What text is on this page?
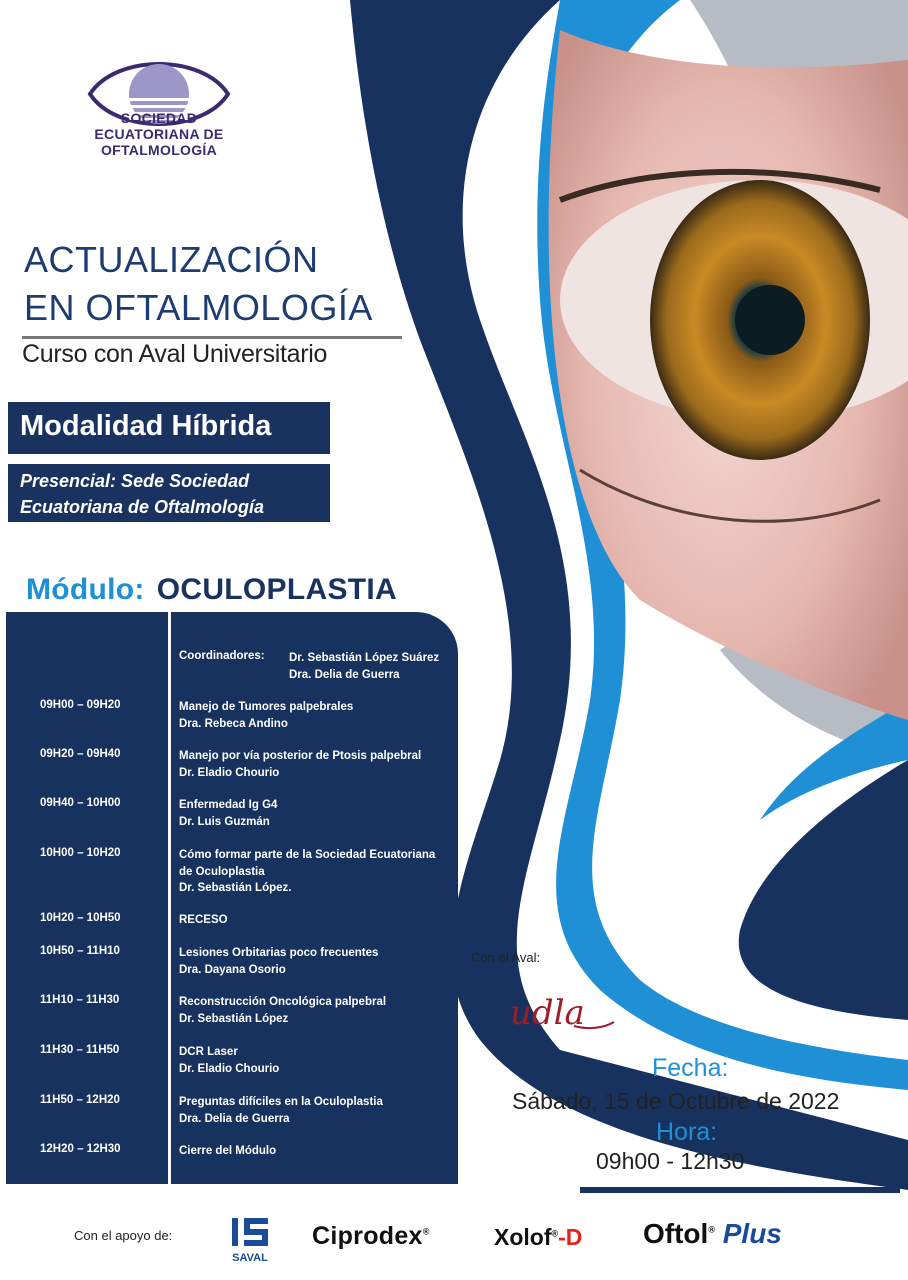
SOCIEDAD
ECUATORIANA DE
OFTALMOLOGÍA
ACTUALIZACIÓN
EN OFTALMOLOGÍA
Curso con Aval Universitario
Modalidad Híbrida
Presencial: Sede Sociedad
Ecuatoriana de Oftalmología
Módulo: OCULOPLASTIA
Coordinadores: Dr. Sebastián López Suárez
Dra. Delia de Guerra
09H00 – 09H20	Manejo de Tumores palpebrales
Dra. Rebeca Andino
09H20 – 09H40	Manejo por vía posterior de Ptosis palpebral
Dr. Eladio Chourio
09H40 – 10H00	Enfermedad Ig G4
Dr. Luis Guzmán
10H00 – 10H20	Cómo formar parte de la Sociedad Ecuatoriana
de Oculoplastia
Dr. Sebastián López.
10H20 – 10H50	RECESO
10H50 – 11H10	Lesiones Orbitarias poco frecuentes
Dra. Dayana Osorio
11H10 – 11H30	Reconstrucción Oncológica palpebral
Dr. Sebastián López
11H30 – 11H50	DCR Laser
Dr. Eladio Chourio
11H50 – 12H20	Preguntas difíciles en la Oculoplastia
Dra. Delia de Guerra
12H20 – 12H30	Cierre del Módulo
Con el Aval:
udla
Fecha:
Sábado, 15 de Octubre de 2022
Hora:
09h00 - 12h30
Con el apoyo de:
SAVAL
Ciprodex®	Xolof®-D Oftol® Plus
